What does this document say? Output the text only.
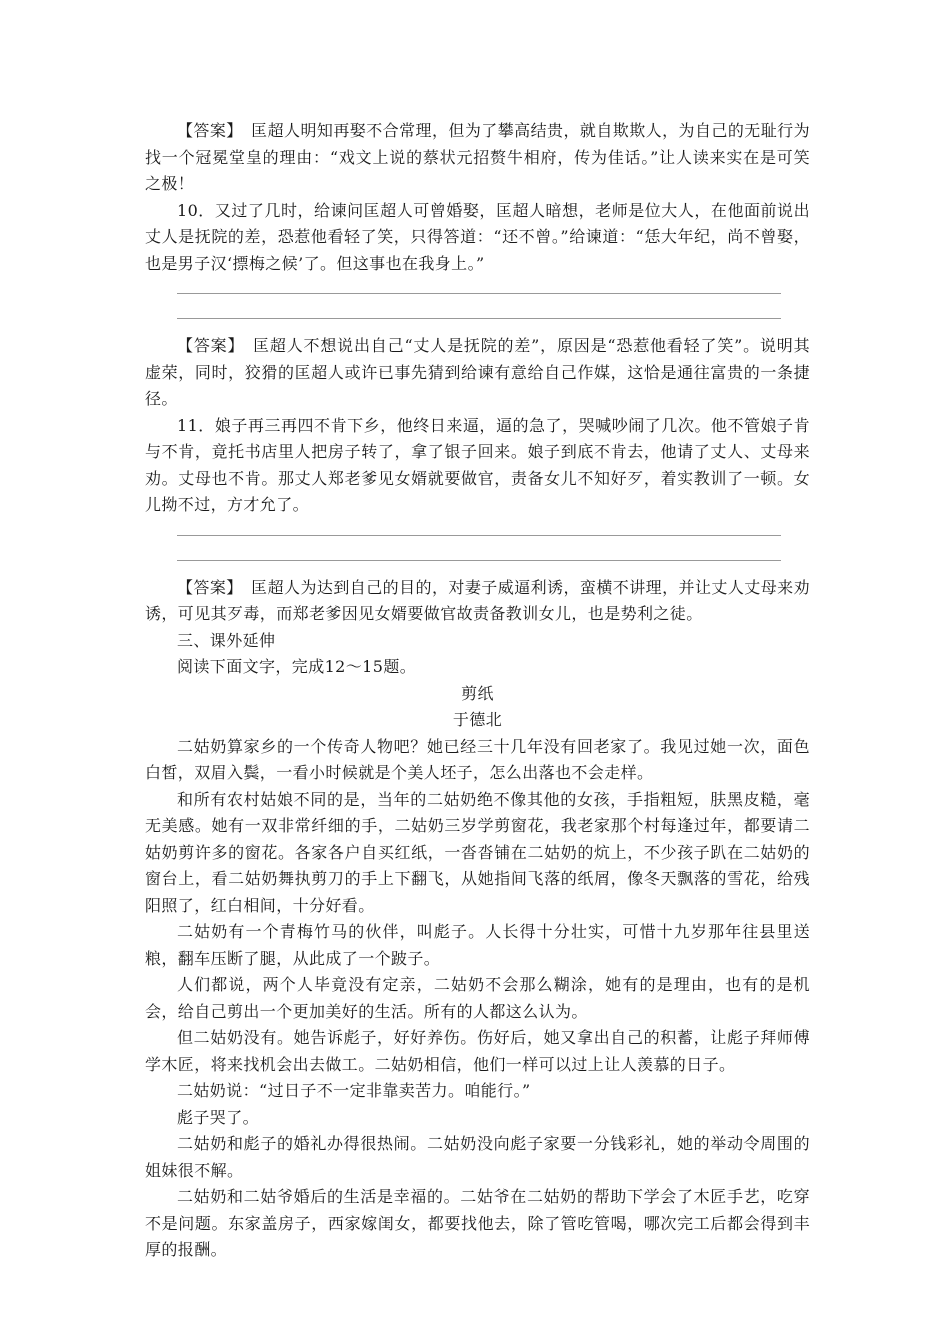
【答案】　匡超人明知再娶不合常理，但为了攀高结贵，就自欺欺人，为自己的无耻行为找一个冠冕堂皇的理由：“戏文上说的蔡状元招赘牛相府，传为佳话。”让人读来实在是可笑之极！

10．又过了几时，给谏问匡超人可曾婚娶，匡超人暗想，老师是位大人，在他面前说出丈人是抚院的差，恐惹他看轻了笑，只得答道：“还不曾。”给谏道：“恁大年纪，尚不曾娶，也是男子汉‘摽梅之候’了。但这事也在我身上。”

【答案】　匡超人不想说出自己“丈人是抚院的差”，原因是“恐惹他看轻了笑”。说明其虚荣，同时，狡猾的匡超人或许已事先猜到给谏有意给自己作媒，这恰是通往富贵的一条捷径。

11．娘子再三再四不肯下乡，他终日来逼，逼的急了，哭喊吵闹了几次。他不管娘子肯与不肯，竟托书店里人把房子转了，拿了银子回来。娘子到底不肯去，他请了丈人、丈母来劝。丈母也不肯。那丈人郑老爹见女婿就要做官，责备女儿不知好歹，着实教训了一顿。女儿拗不过，方才允了。

【答案】　匡超人为达到自己的目的，对妻子威逼利诱，蛮横不讲理，并让丈人丈母来劝诱，可见其歹毒，而郑老爹因见女婿要做官故责备教训女儿，也是势利之徒。

三、课外延伸

阅读下面文字，完成12～15题。

剪纸

于德北

二姑奶算家乡的一个传奇人物吧？她已经三十几年没有回老家了。我见过她一次，面色白皙，双眉入鬓，一看小时候就是个美人坯子，怎么出落也不会走样。

和所有农村姑娘不同的是，当年的二姑奶绝不像其他的女孩，手指粗短，肤黑皮糙，毫无美感。她有一双非常纤细的手，二姑奶三岁学剪窗花，我老家那个村每逢过年，都要请二姑奶剪许多的窗花。各家各户自买红纸，一沓沓铺在二姑奶的炕上，不少孩子趴在二姑奶的窗台上，看二姑奶舞执剪刀的手上下翻飞，从她指间飞落的纸屑，像冬天飘落的雪花，给残阳照了，红白相间，十分好看。

二姑奶有一个青梅竹马的伙伴，叫彪子。人长得十分壮实，可惜十九岁那年往县里送粮，翻车压断了腿，从此成了一个跛子。

人们都说，两个人毕竟没有定亲，二姑奶不会那么糊涂，她有的是理由，也有的是机会，给自己剪出一个更加美好的生活。所有的人都这么认为。

但二姑奶没有。她告诉彪子，好好养伤。伤好后，她又拿出自己的积蓄，让彪子拜师傅学木匠，将来找机会出去做工。二姑奶相信，他们一样可以过上让人羡慕的日子。

二姑奶说：“过日子不一定非靠卖苦力。咱能行。”

彪子哭了。

二姑奶和彪子的婚礼办得很热闹。二姑奶没向彪子家要一分钱彩礼，她的举动令周围的姐妹很不解。

二姑奶和二姑爷婚后的生活是幸福的。二姑爷在二姑奶的帮助下学会了木匠手艺，吃穿不是问题。东家盖房子，西家嫁闺女，都要找他去，除了管吃管喝，哪次完工后都会得到丰厚的报酬。
